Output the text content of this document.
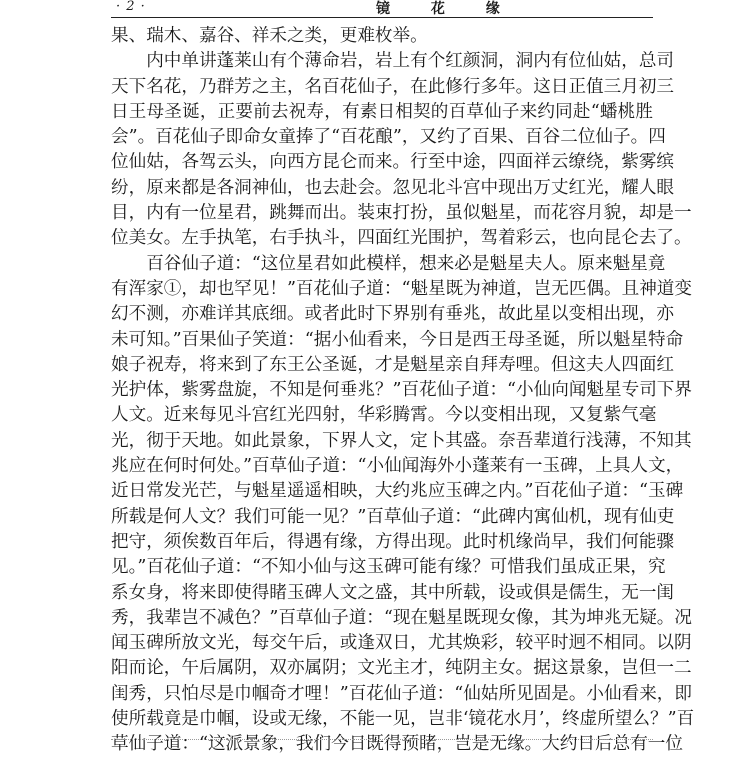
· 2 ·	镜 花 缘
果、瑞木、嘉谷、祥禾之类，更难枚举。
　　内中单讲蓬莱山有个薄命岩，岩上有个红颜洞，洞内有位仙姑，总司
天下名花，乃群芳之主，名百花仙子，在此修行多年。这日正值三月初三
日王母圣诞，正要前去祝寿，有素日相契的百草仙子来约同赴“蟠桃胜
会”。百花仙子即命女童捧了“百花酿”，又约了百果、百谷二位仙子。四
位仙姑，各驾云头，向西方昆仑而来。行至中途，四面祥云缭绕，紫雾缤
纷，原来都是各洞神仙，也去赴会。忽见北斗宫中现出万丈红光，耀人眼
目，内有一位星君，跳舞而出。装束打扮，虽似魁星，而花容月貌，却是一
位美女。左手执笔，右手执斗，四面红光围护，驾着彩云，也向昆仑去了。
　　百谷仙子道：“这位星君如此模样，想来必是魁星夫人。原来魁星竟
有浑家①，却也罕见！”百花仙子道：“魁星既为神道，岂无匹偶。且神道变
幻不测，亦难详其底细。或者此时下界别有垂兆，故此星以变相出现，亦
未可知。”百果仙子笑道：“据小仙看来，今日是西王母圣诞，所以魁星特命
娘子祝寿，将来到了东王公圣诞，才是魁星亲自拜寿哩。但这夫人四面红
光护体，紫雾盘旋，不知是何垂兆？”百花仙子道：“小仙向闻魁星专司下界
人文。近来每见斗宫红光四射，华彩腾霄。今以变相出现，又复紫气毫
光，彻于天地。如此景象，下界人文，定卜其盛。奈吾辈道行浅薄，不知其
兆应在何时何处。”百草仙子道：“小仙闻海外小蓬莱有一玉碑，上具人文，
近日常发光芒，与魁星遥遥相映，大约兆应玉碑之内。”百花仙子道：“玉碑
所载是何人文？我们可能一见？”百草仙子道：“此碑内寓仙机，现有仙吏
把守，须俟数百年后，得遇有缘，方得出现。此时机缘尚早，我们何能骤
见。”百花仙子道：“不知小仙与这玉碑可能有缘？可惜我们虽成正果，究
系女身，将来即使得睹玉碑人文之盛，其中所载，设或俱是儒生，无一闺
秀，我辈岂不减色？”百草仙子道：“现在魁星既现女像，其为坤兆无疑。况
闻玉碑所放文光，每交午后，或逢双日，尤其焕彩，较平时迥不相同。以阴
阳而论，午后属阴，双亦属阴；文光主才，纯阴主女。据这景象，岂但一二
闺秀，只怕尽是巾帼奇才哩！”百花仙子道：“仙姑所见固是。小仙看来，即
使所载竟是巾帼，设或无缘，不能一见，岂非‘镜花水月’，终虚所望么？”百
草仙子道：“这派景象，我们今日既得预睹，岂是无缘。大约日后总有一位
